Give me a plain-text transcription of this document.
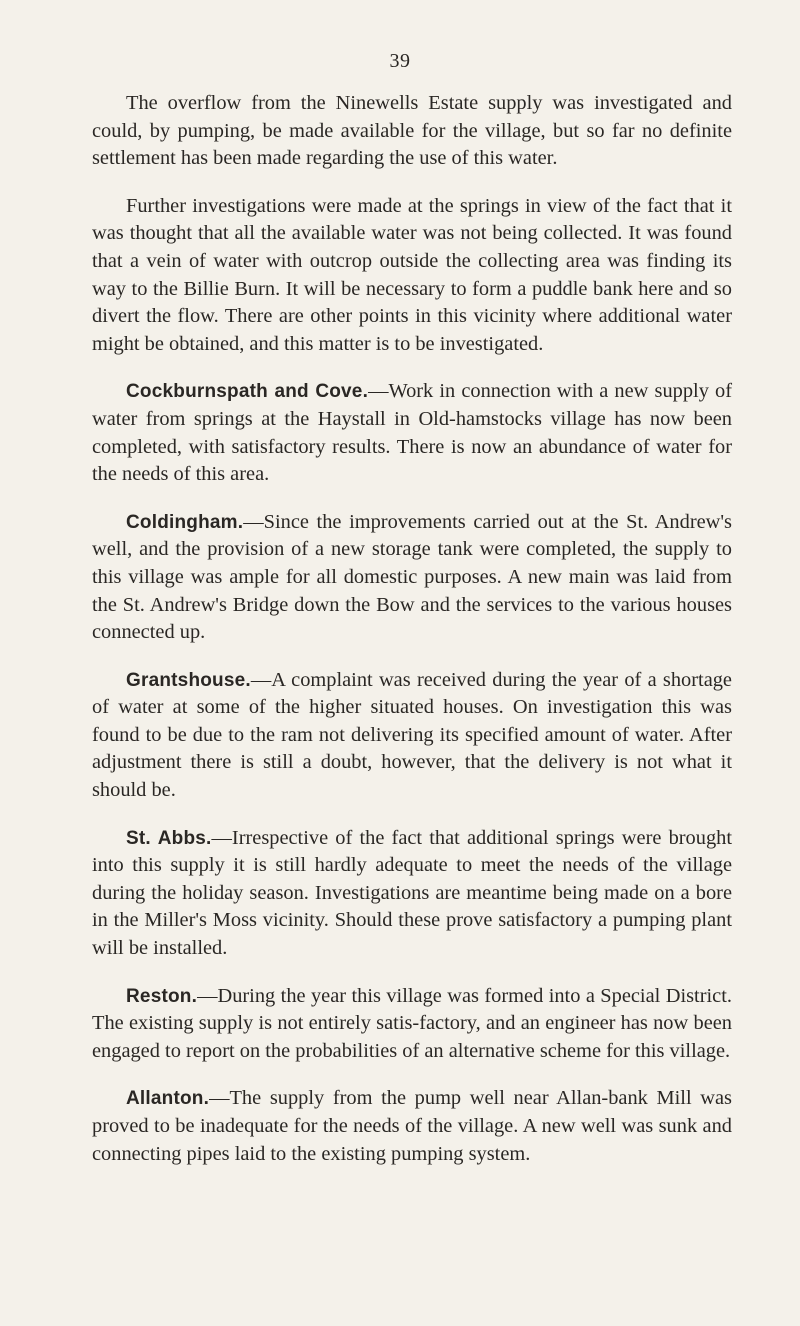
39

The overflow from the Ninewells Estate supply was investigated and could, by pumping, be made available for the village, but so far no definite settlement has been made regarding the use of this water.

Further investigations were made at the springs in view of the fact that it was thought that all the available water was not being collected. It was found that a vein of water with outcrop outside the collecting area was finding its way to the Billie Burn. It will be necessary to form a puddle bank here and so divert the flow. There are other points in this vicinity where additional water might be obtained, and this matter is to be investigated.

Cockburnspath and Cove.—Work in connection with a new supply of water from springs at the Haystall in Old-hamstocks village has now been completed, with satisfactory results. There is now an abundance of water for the needs of this area.

Coldingham.—Since the improvements carried out at the St. Andrew's well, and the provision of a new storage tank were completed, the supply to this village was ample for all domestic purposes. A new main was laid from the St. Andrew's Bridge down the Bow and the services to the various houses connected up.

Grantshouse.—A complaint was received during the year of a shortage of water at some of the higher situated houses. On investigation this was found to be due to the ram not delivering its specified amount of water. After adjustment there is still a doubt, however, that the delivery is not what it should be.

St. Abbs.—Irrespective of the fact that additional springs were brought into this supply it is still hardly adequate to meet the needs of the village during the holiday season. Investigations are meantime being made on a bore in the Miller's Moss vicinity. Should these prove satisfactory a pumping plant will be installed.

Reston.—During the year this village was formed into a Special District. The existing supply is not entirely satis-factory, and an engineer has now been engaged to report on the probabilities of an alternative scheme for this village.

Allanton.—The supply from the pump well near Allan-bank Mill was proved to be inadequate for the needs of the village. A new well was sunk and connecting pipes laid to the existing pumping system.
